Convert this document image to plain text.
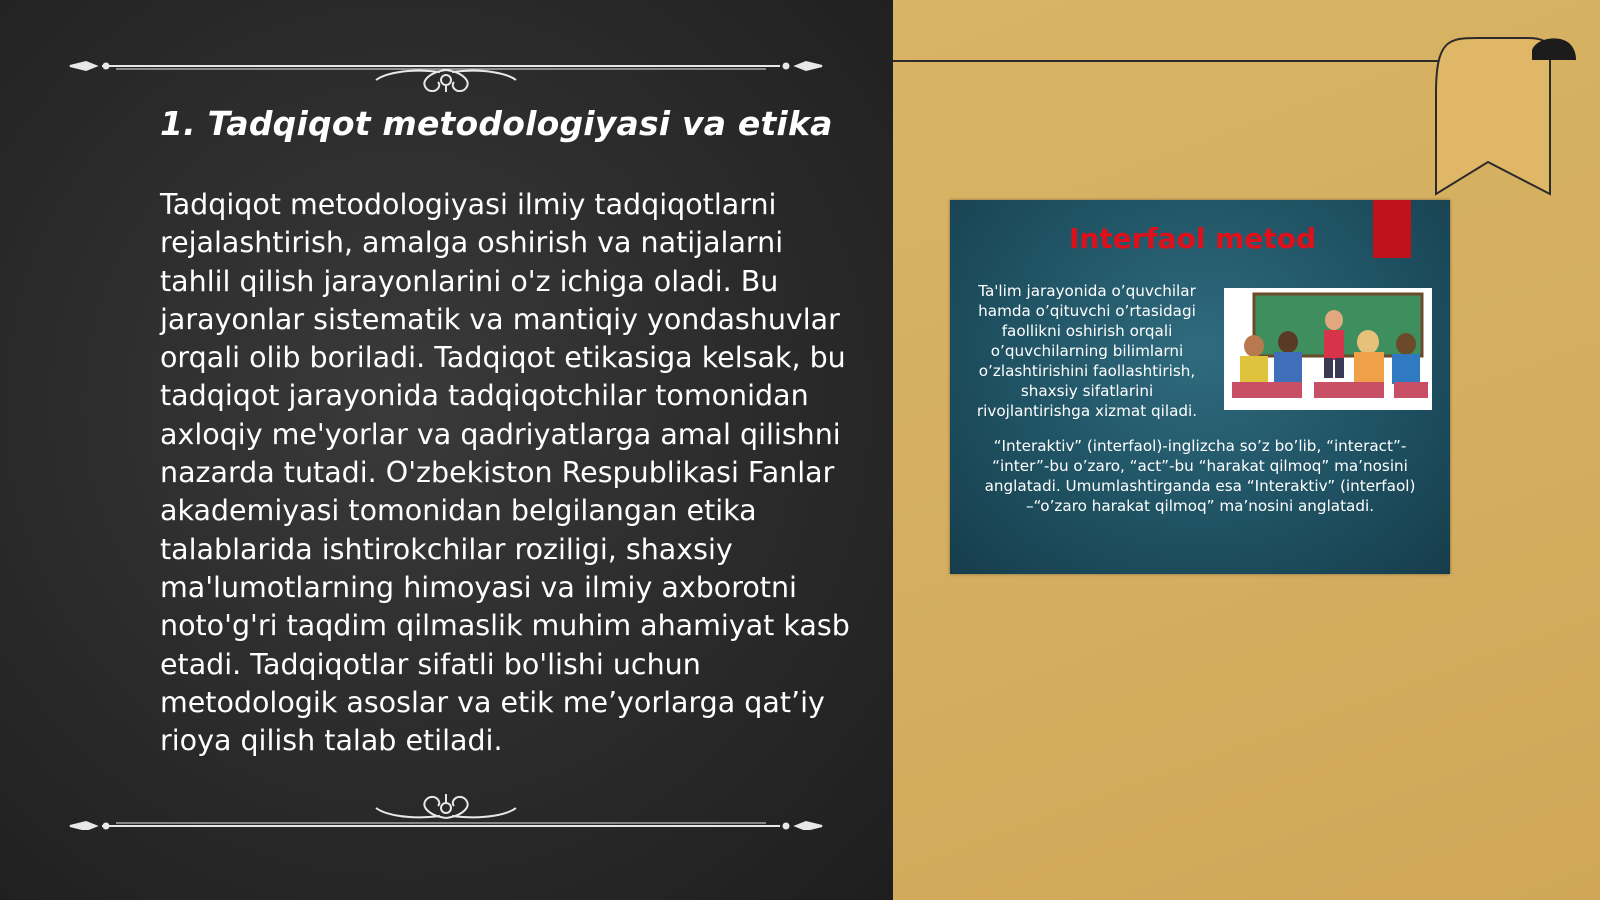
1. Tadqiqot metodologiyasi va etika

Tadqiqot metodologiyasi ilmiy tadqiqotlarni rejalashtirish, amalga oshirish va natijalarni tahlil qilish jarayonlarini o'z ichiga oladi. Bu jarayonlar sistematik va mantiqiy yondashuvlar orqali olib boriladi. Tadqiqot etikasiga kelsak, bu tadqiqot jarayonida tadqiqotchilar tomonidan axloqiy me'yorlar va qadriyatlarga amal qilishni nazarda tutadi. O'zbekiston Respublikasi Fanlar akademiyasi tomonidan belgilangan etika talablarida ishtirokchilar roziligi, shaxsiy ma'lumotlarning himoyasi va ilmiy axborotni noto'g'ri taqdim qilmaslik muhim ahamiyat kasb etadi. Tadqiqotlar sifatli bo'lishi uchun metodologik asoslar va etik me’yorlarga qat’iy rioya qilish talab etiladi.

Interfaol metod

Ta'lim jarayonida o’quvchilar hamda o’qituvchi o’rtasidagi faollikni oshirish orqali o’quvchilarning bilimlarni o’zlashtirishini faollashtirish, shaxsiy sifatlarini rivojlantirishga xizmat qiladi.

“Interaktiv” (interfaol)-inglizcha so’z bo’lib, “interact”- “inter”-bu o’zaro, “act”-bu “harakat qilmoq” ma’nosini anglatadi. Umumlashtirganda esa “Interaktiv” (interfaol) –“o’zaro harakat qilmoq” ma’nosini anglatadi.
